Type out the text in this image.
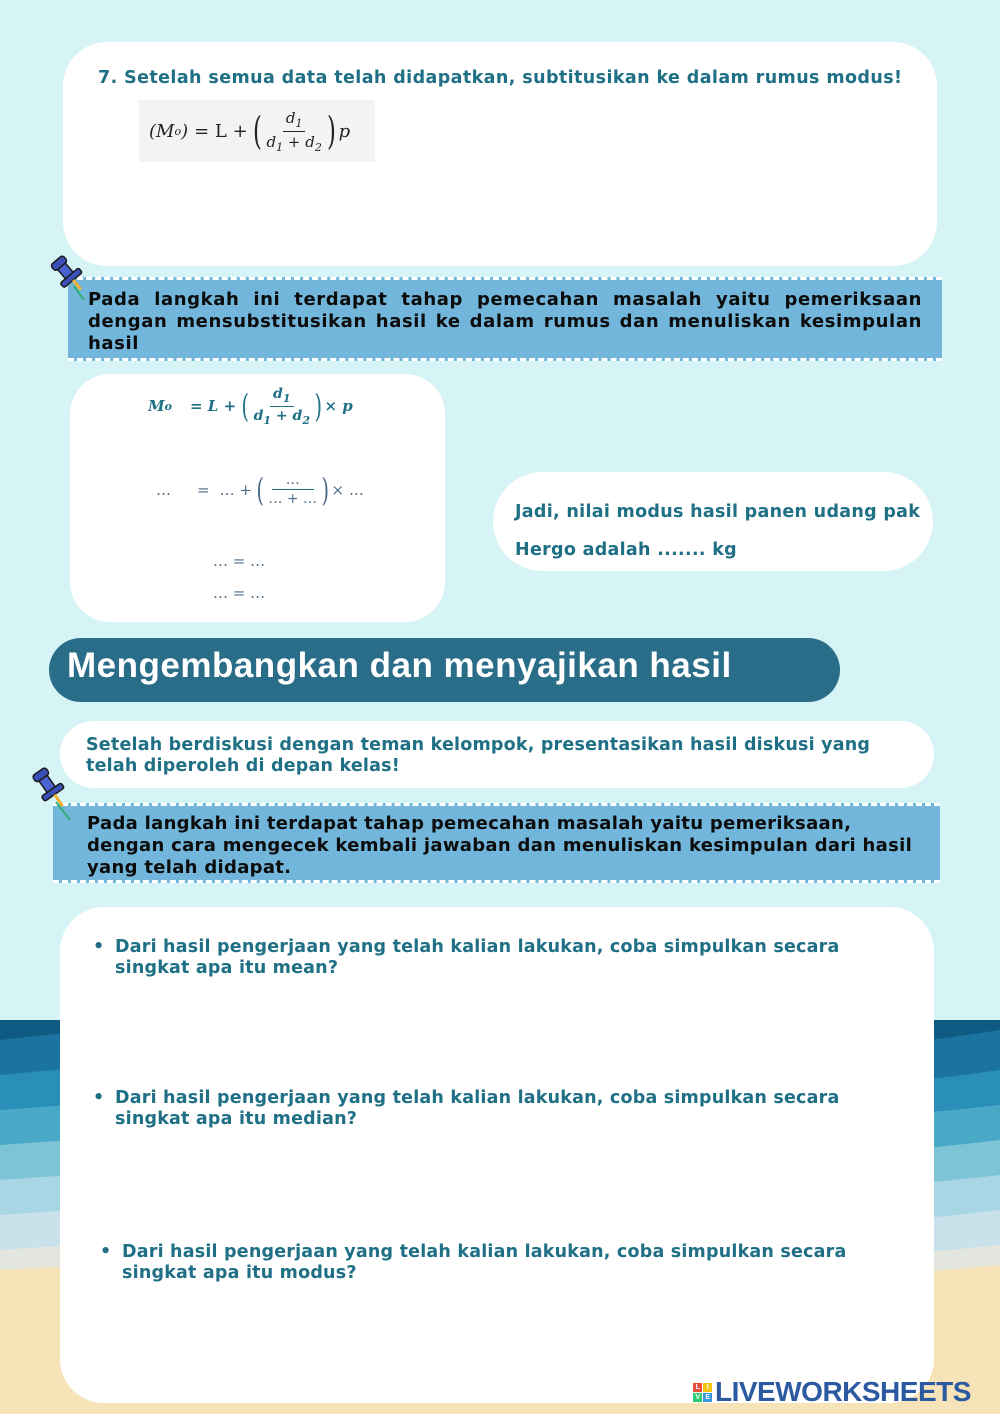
7. Setelah semua data telah didapatkan, subtitusikan ke dalam rumus modus!
(M o ) = L + ( $\frac{d_1}{d_1 + d_2}$ ) p
Pada langkah ini terdapat tahap pemecahan masalah yaitu pemeriksaan dengan mensubstitusikan hasil ke dalam rumus dan menuliskan kesimpulan hasil
M o = L + ( $\frac{d_1}{d_1 + d_2}$ ) × p
… = … + ( $\frac{\dots}{\dots + \dots}$ ) × …
… = …
… = …
Jadi, nilai modus hasil panen udang pak
Hergo adalah ....... kg
Mengembangkan dan menyajikan hasil
Setelah berdiskusi dengan teman kelompok, presentasikan hasil diskusi yang telah diperoleh di depan kelas!
Pada langkah ini terdapat tahap pemecahan masalah yaitu pemeriksaan, dengan cara mengecek kembali jawaban dan menuliskan kesimpulan dari hasil yang telah didapat.
• Dari hasil pengerjaan yang telah kalian lakukan, coba simpulkan secara singkat apa itu mean?
• Dari hasil pengerjaan yang telah kalian lakukan, coba simpulkan secara singkat apa itu median?
• Dari hasil pengerjaan yang telah kalian lakukan, coba simpulkan secara singkat apa itu modus?
L	I
V E LIVEWORKSHEETS
